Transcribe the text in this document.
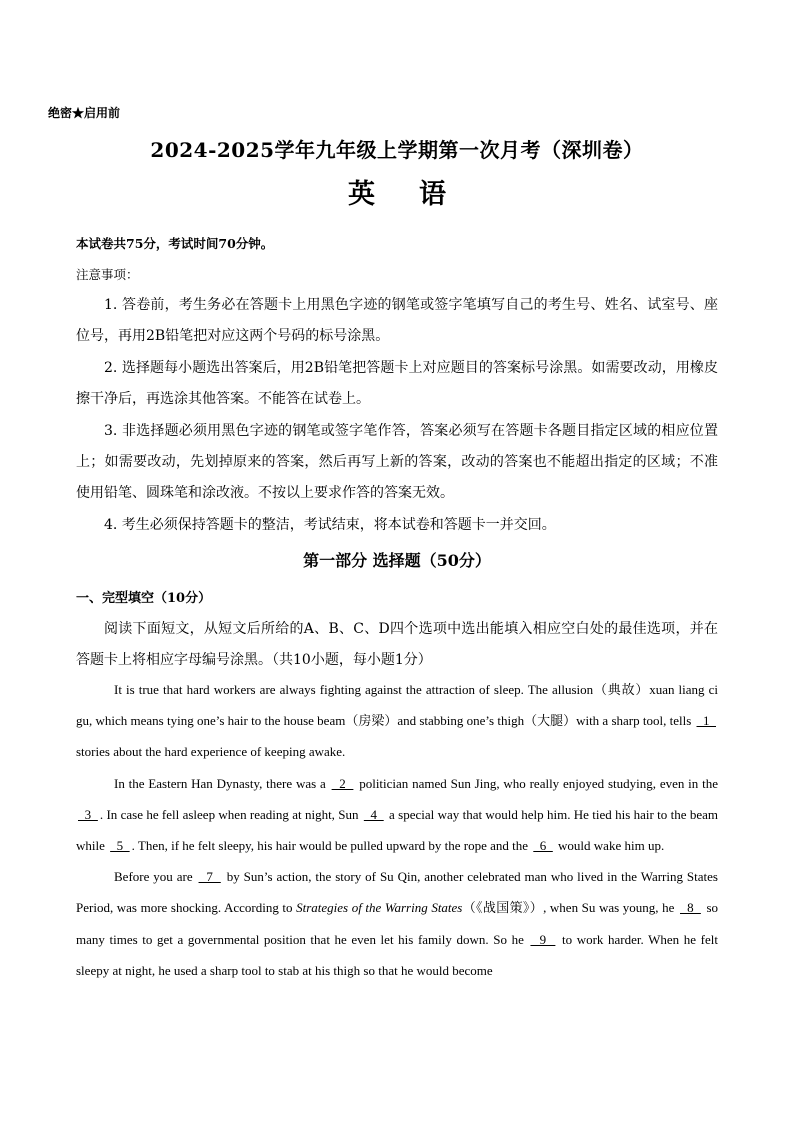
绝密★启用前
2024-2025学年九年级上学期第一次月考（深圳卷）
英 语
本试卷共75分，考试时间70分钟。
注意事项：

1. 答卷前，考生务必在答题卡上用黑色字迹的钢笔或签字笔填写自己的考生号、姓名、试室号、座位号，再用2B铅笔把对应这两个号码的标号涂黑。

2. 选择题每小题选出答案后，用2B铅笔把答题卡上对应题目的答案标号涂黑。如需要改动，用橡皮擦干净后，再选涂其他答案。不能答在试卷上。

3. 非选择题必须用黑色字迹的钢笔或签字笔作答，答案必须写在答题卡各题目指定区域的相应位置上；如需要改动，先划掉原来的答案，然后再写上新的答案，改动的答案也不能超出指定的区域；不准使用铅笔、圆珠笔和涂改液。不按以上要求作答的答案无效。

4. 考生必须保持答题卡的整洁，考试结束，将本试卷和答题卡一并交回。

第一部分 选择题（50分）
一、完型填空（10分）
阅读下面短文，从短文后所给的A、B、C、D四个选项中选出能填入相应空白处的最佳选项，并在答题卡上将相应字母编号涂黑。（共10小题，每小题1分）

It is true that hard workers are always fighting against the attraction of sleep. The allusion（典故）xuan liang ci gu, which means tying one’s hair to the house beam（房梁）and stabbing one’s thigh（大腿）with a sharp tool, tells   1   stories about the hard experience of keeping awake.

In the Eastern Han Dynasty, there was a   2   politician named Sun Jing, who really enjoyed studying, even in the   3  . In case he fell asleep when reading at night, Sun   4   a special way that would help him. He tied his hair to the beam while   5  . Then, if he felt sleepy, his hair would be pulled upward by the rope and the   6   would wake him up.

Before you are   7   by Sun’s action, the story of Su Qin, another celebrated man who lived in the Warring States Period, was more shocking. According to Strategies of the Warring States（《战国策》）, when Su was young, he   8   so many times to get a governmental position that he even let his family down. So he   9   to work harder. When he felt sleepy at night, he used a sharp tool to stab at his thigh so that he would become
